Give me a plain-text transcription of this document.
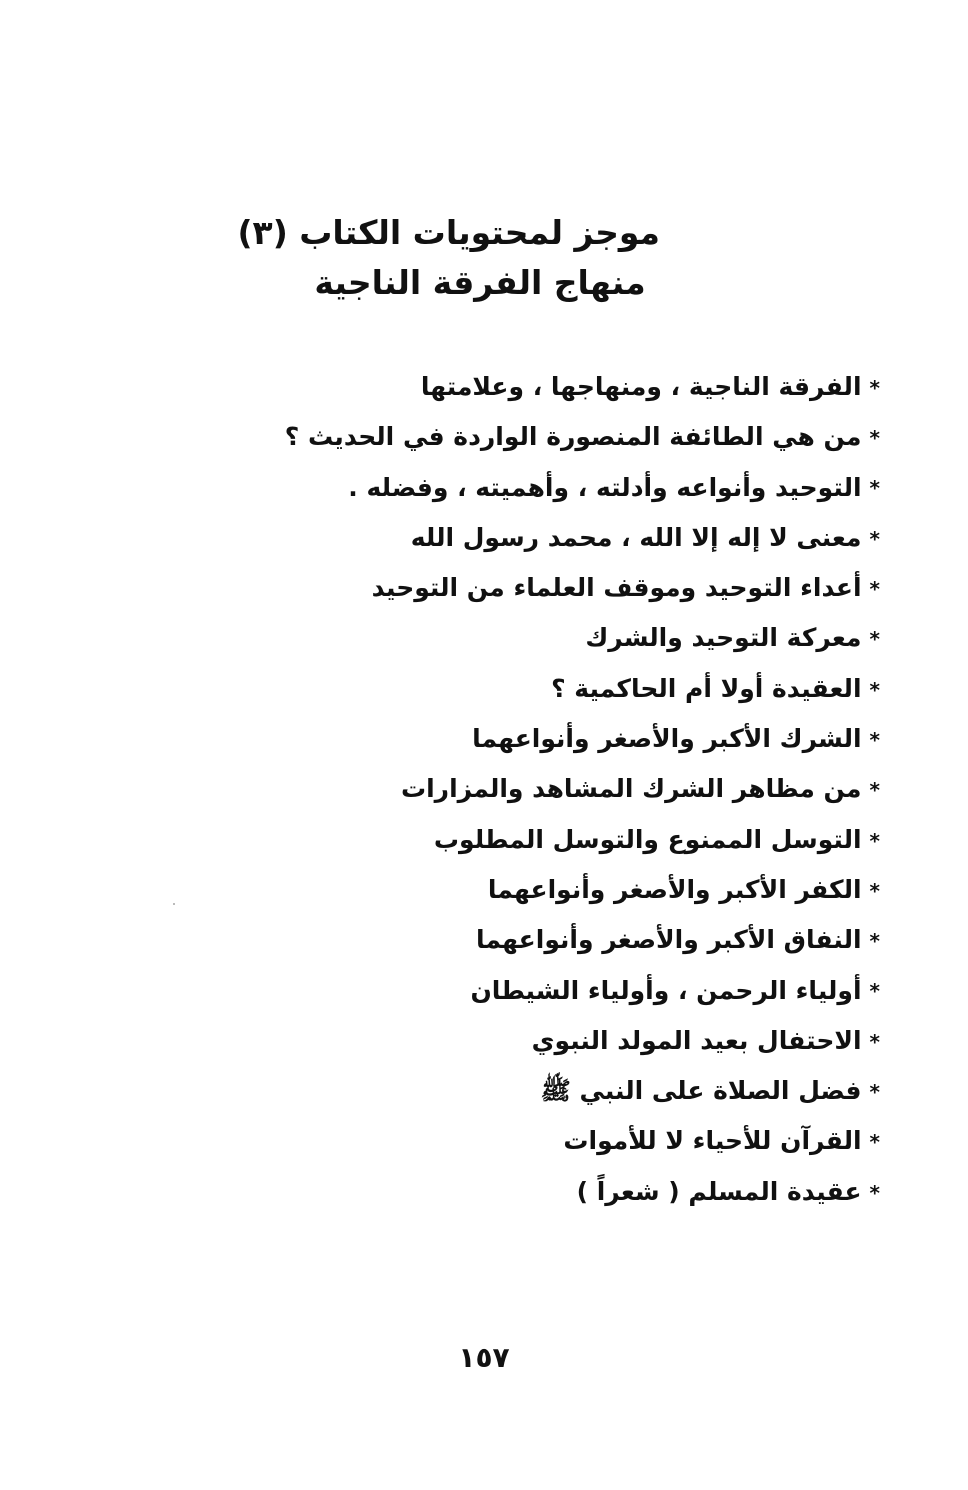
موجز لمحتويات الكتاب (٣)
منهاج الفرقة الناجية
*الفرقة الناجية ، ومنهاجها ، وعلامتها
*من هي الطائفة المنصورة الواردة في الحديث ؟
*التوحيد وأنواعه وأدلته ، وأهميته ، وفضله .
*معنى لا إله إلا الله ، محمد رسول الله
*أعداء التوحيد وموقف العلماء من التوحيد
*معركة التوحيد والشرك
*العقيدة أولا أم الحاكمية ؟
*الشرك الأكبر والأصغر وأنواعهما
*من مظاهر الشرك المشاهد والمزارات
*التوسل الممنوع والتوسل المطلوب
*الكفر الأكبر والأصغر وأنواعهما
*النفاق الأكبر والأصغر وأنواعهما
*أولياء الرحمن ، وأولياء الشيطان
*الاحتفال بعيد المولد النبوي
*فضل الصلاة على النبي ﷺ
*القرآن للأحياء لا للأموات
*عقيدة المسلم ( شعراً )
١٥٧
